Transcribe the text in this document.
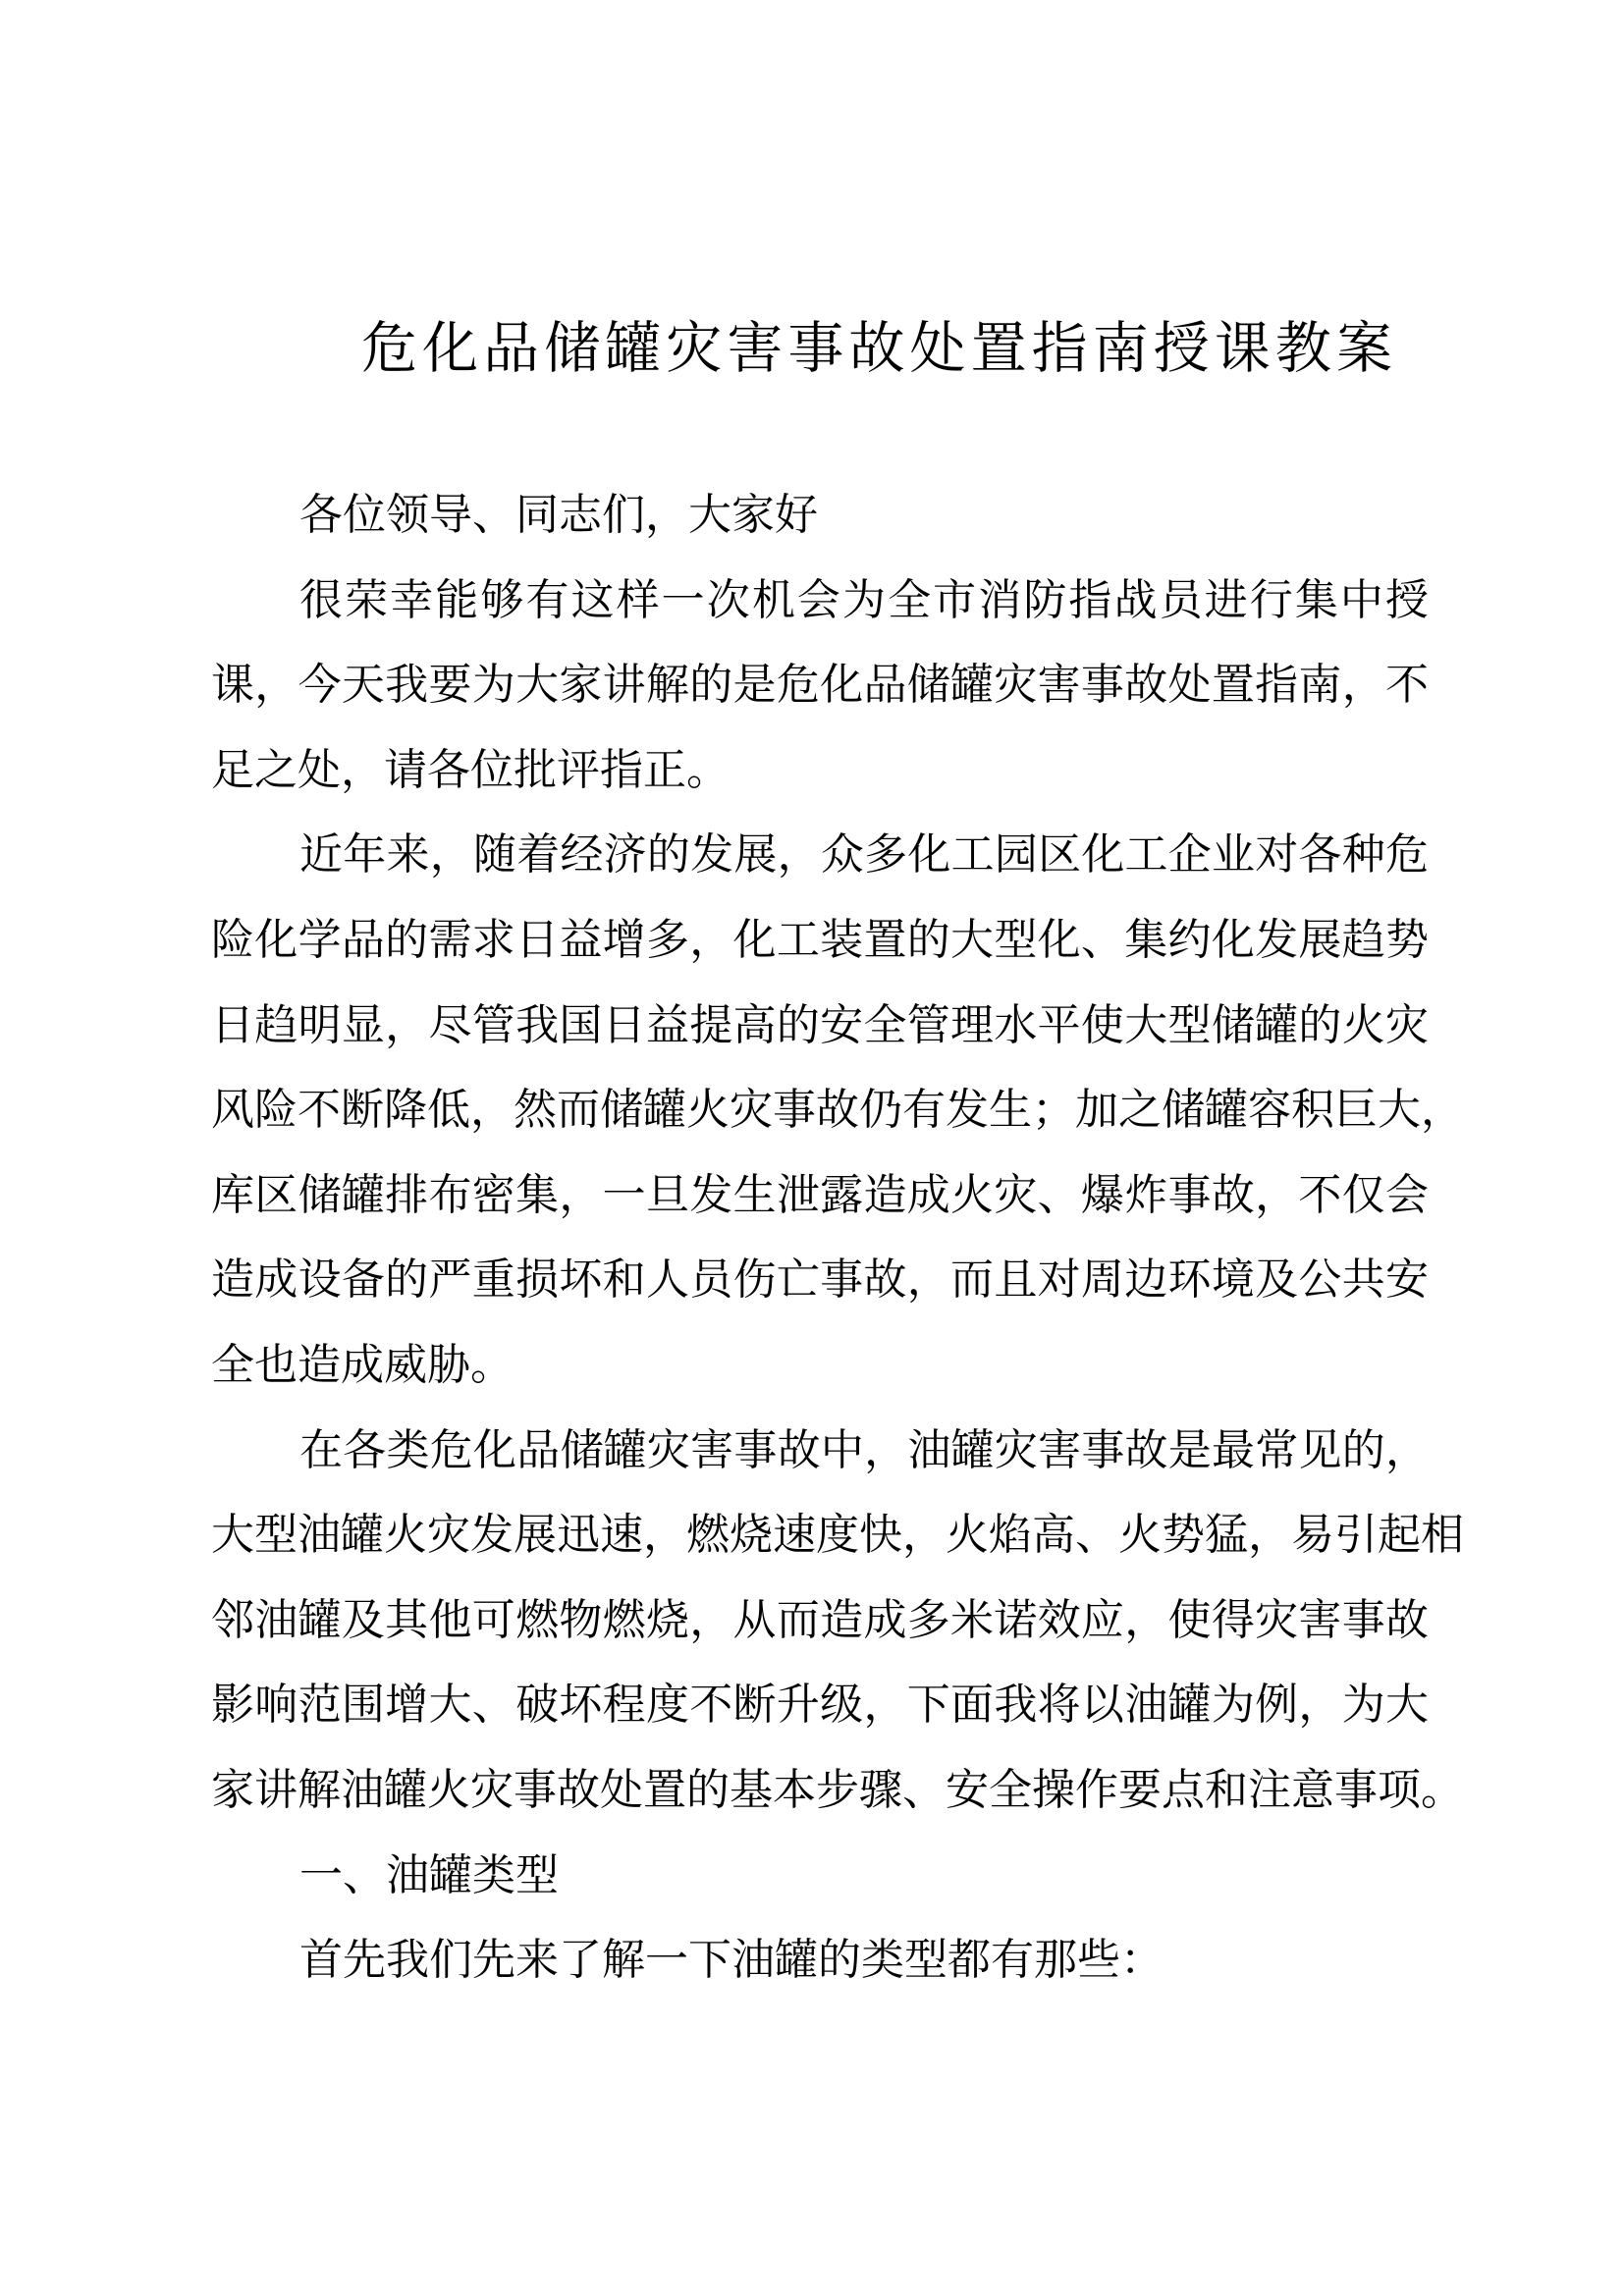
危化品储罐灾害事故处置指南授课教案
各位领导、同志们，大家好
很荣幸能够有这样一次机会为全市消防指战员进行集中授
课，今天我要为大家讲解的是危化品储罐灾害事故处置指南，不
足之处，请各位批评指正。
近年来，随着经济的发展，众多化工园区化工企业对各种危
险化学品的需求日益增多，化工装置的大型化、集约化发展趋势
日趋明显，尽管我国日益提高的安全管理水平使大型储罐的火灾
风险不断降低，然而储罐火灾事故仍有发生；加之储罐容积巨大，
库区储罐排布密集，一旦发生泄露造成火灾、爆炸事故，不仅会
造成设备的严重损坏和人员伤亡事故，而且对周边环境及公共安
全也造成威胁。
在各类危化品储罐灾害事故中，油罐灾害事故是最常见的，
大型油罐火灾发展迅速，燃烧速度快，火焰高、火势猛，易引起相
邻油罐及其他可燃物燃烧，从而造成多米诺效应，使得灾害事故
影响范围增大、破坏程度不断升级，下面我将以油罐为例，为大
家讲解油罐火灾事故处置的基本步骤、安全操作要点和注意事项。
一、油罐类型
首先我们先来了解一下油罐的类型都有那些：
